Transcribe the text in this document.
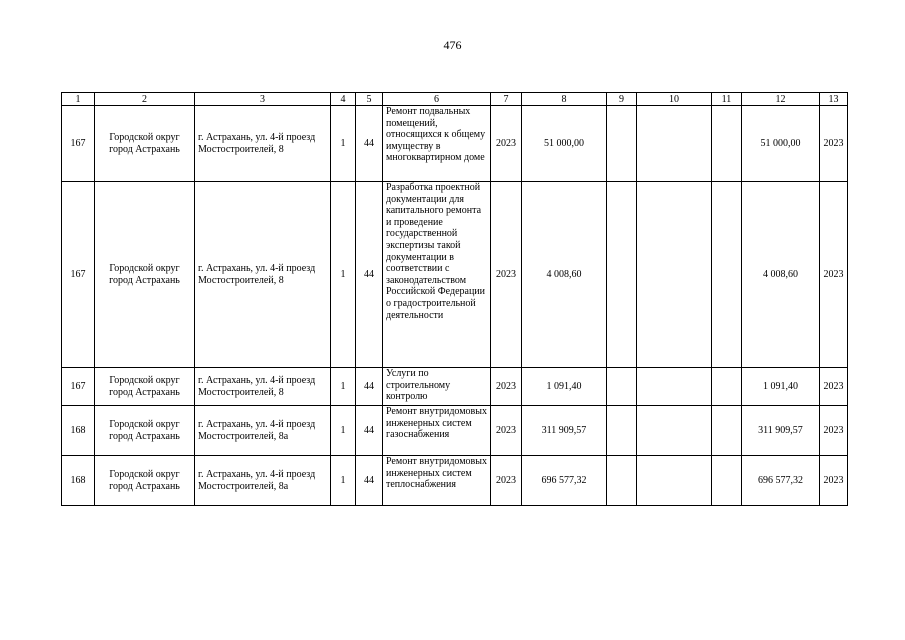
476
1	2	3	4	5	6	7	8	9	10	11	12	13
167	Городской округ город Астрахань	г. Астрахань, ул. 4-й проезд Мостостроителей, 8	1	44	Ремонт подвальных помещений, относящихся к общему имуществу в многоквартирном доме	2023	51 000,00				51 000,00	2023
167	Городской округ город Астрахань	г. Астрахань, ул. 4-й проезд Мостостроителей, 8	1	44	Разработка проектной документации для капитального ремонта и проведение государственной экспертизы такой документации в соответствии с законодательством Российской Федерации о градостроительной деятельности	2023	4 008,60				4 008,60	2023
167	Городской округ город Астрахань	г. Астрахань, ул. 4-й проезд Мостостроителей, 8	1	44	Услуги по строительному контролю	2023	1 091,40				1 091,40	2023
168	Городской округ город Астрахань	г. Астрахань, ул. 4-й проезд Мостостроителей, 8а	1	44	Ремонт внутридомовых инженерных систем газоснабжения	2023	311 909,57				311 909,57	2023
168	Городской округ город Астрахань	г. Астрахань, ул. 4-й проезд Мостостроителей, 8а	1	44	Ремонт внутридомовых инженерных систем теплоснабжения	2023	696 577,32				696 577,32	2023
